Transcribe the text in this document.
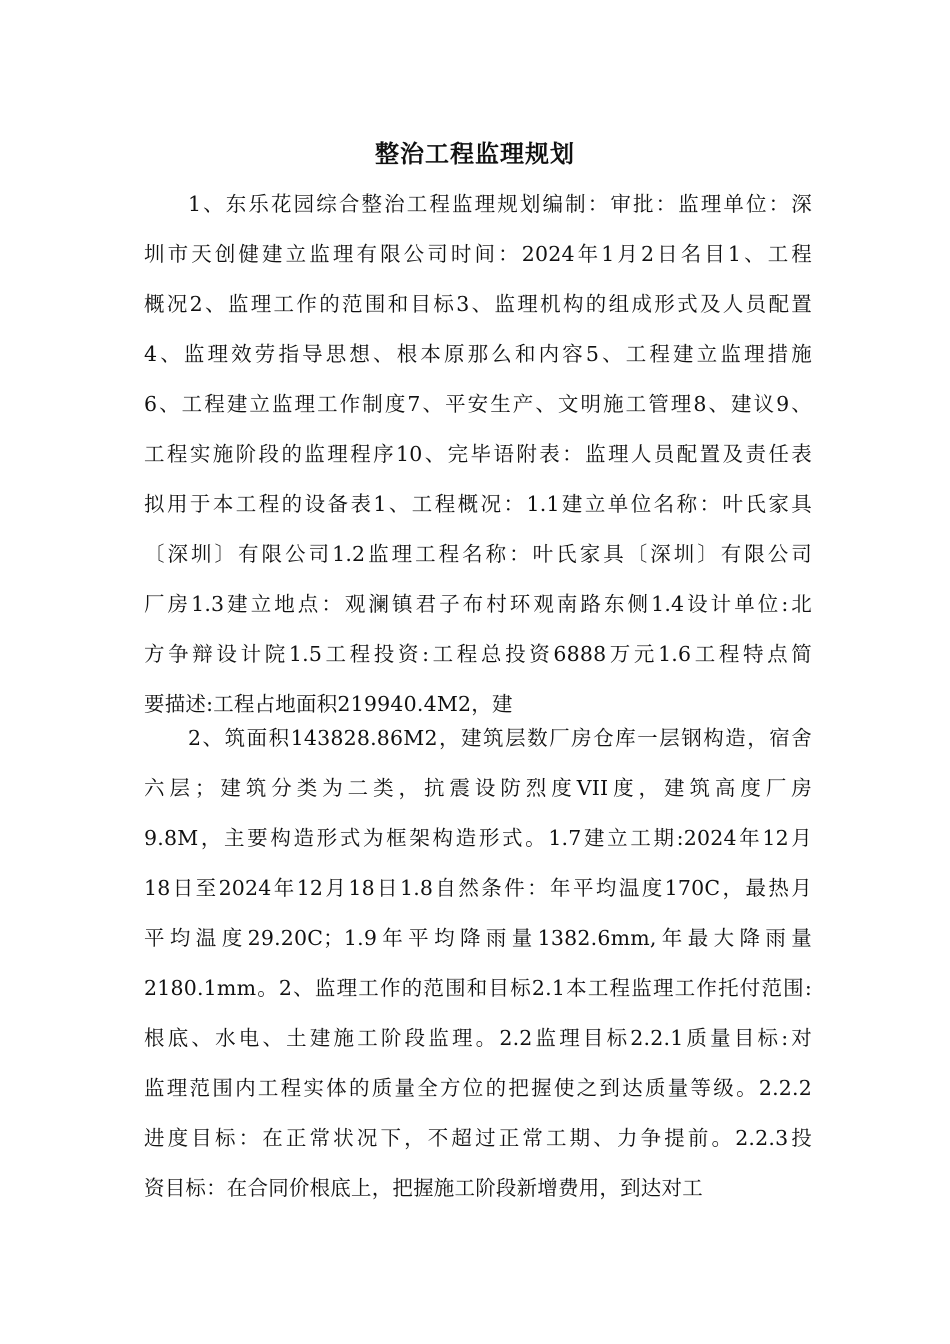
整治工程监理规划
1、东乐花园综合整治工程监理规划编制：审批：监理单位：深
圳市天创健建立监理有限公司时间：2024年1月2日名目1、工程
概况2、监理工作的范围和目标3、监理机构的组成形式及人员配置
4、监理效劳指导思想、根本原那么和内容5、工程建立监理措施
6、工程建立监理工作制度7、平安生产、文明施工管理8、建议9、
工程实施阶段的监理程序10、完毕语附表：监理人员配置及责任表
拟用于本工程的设备表1、工程概况：1.1建立单位名称：叶氏家具
〔深圳〕有限公司1.2监理工程名称：叶氏家具〔深圳〕有限公司
厂房1.3建立地点：观澜镇君子布村环观南路东侧1.4设计单位:北
方争辩设计院1.5工程投资:工程总投资6888万元1.6工程特点简
要描述:工程占地面积219940.4M2，建
2、筑面积143828.86M2，建筑层数厂房仓库一层钢构造，宿舍
六层；建筑分类为二类，抗震设防烈度VII度，建筑高度厂房
9.8M，主要构造形式为框架构造形式。1.7建立工期:2024年12月
18日至2024年12月18日1.8自然条件：年平均温度170C，最热月
平均温度29.20C；1.9年平均降雨量1382.6mm,年最大降雨量
2180.1mm。2、监理工作的范围和目标2.1本工程监理工作托付范围:
根底、水电、土建施工阶段监理。2.2监理目标2.2.1质量目标:对
监理范围内工程实体的质量全方位的把握使之到达质量等级。2.2.2
进度目标：在正常状况下，不超过正常工期、力争提前。2.2.3投
资目标：在合同价根底上，把握施工阶段新增费用，到达对工
